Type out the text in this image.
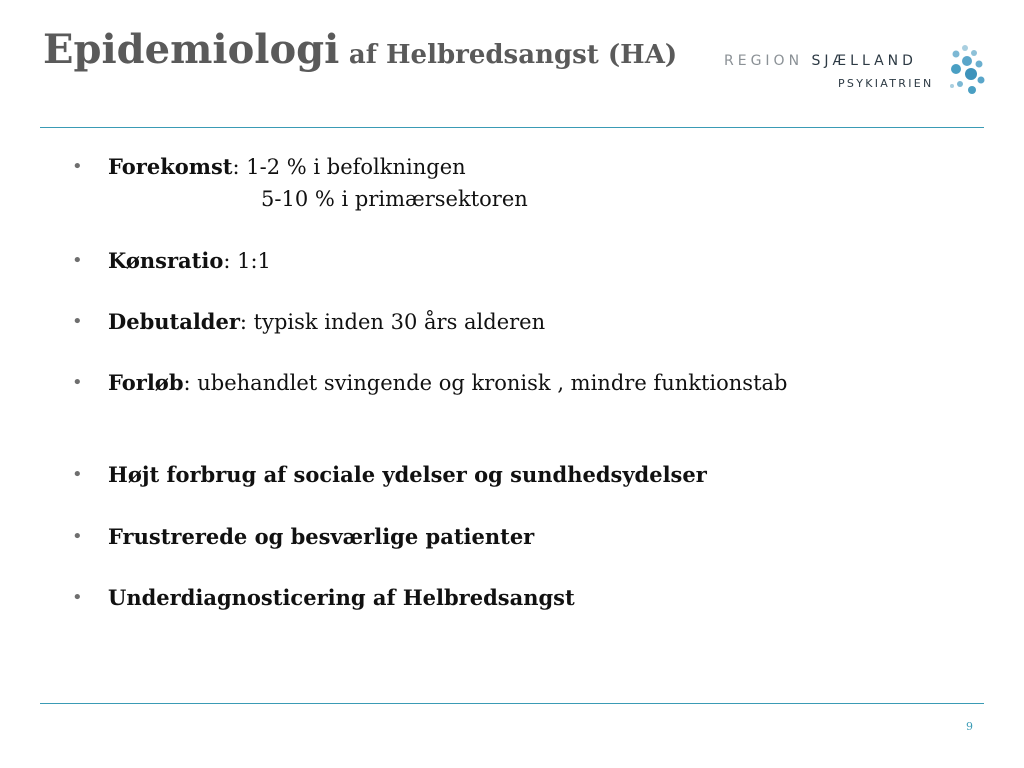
Epidemiologi af Helbredsangst (HA)	REGION SJÆLLAND
PSYKIATRIEN
• Forekomst: 1-2 % i befolkningen
5-10 % i primærsektoren
• Kønsratio: 1:1
• Debutalder: typisk inden 30 års alderen
• Forløb: ubehandlet svingende og kronisk , mindre funktionstab
• Højt forbrug af sociale ydelser og sundhedsydelser
• Frustrerede og besværlige patienter
• Underdiagnosticering af Helbredsangst
9
